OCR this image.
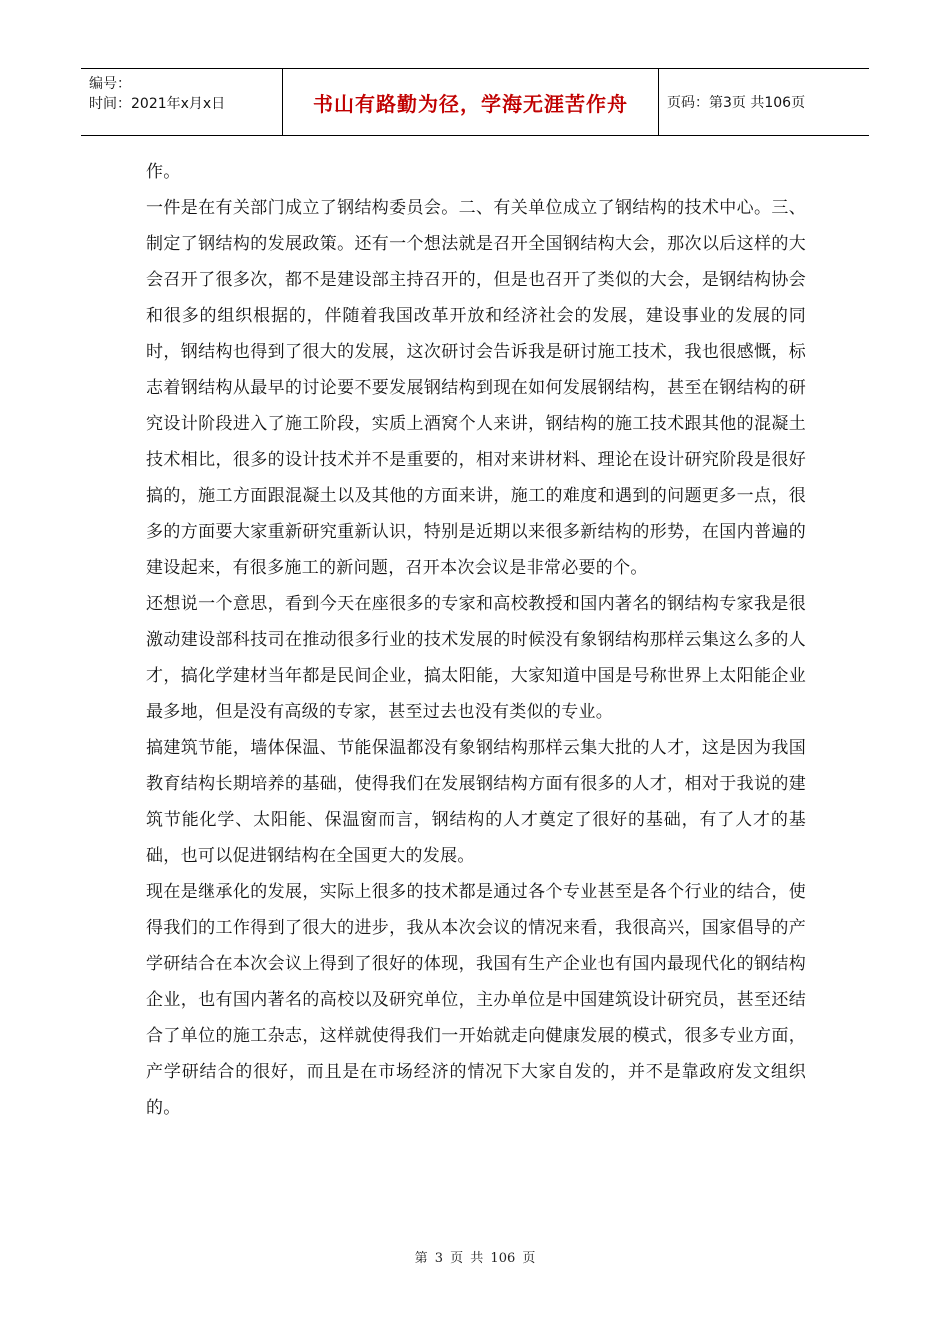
编号：
时间：2021年x月x日	书山有路勤为径，学海无涯苦作舟	页码：第3页 共106页

作。

一件是在有关部门成立了钢结构委员会。二、有关单位成立了钢结构的技术中心。三、制定了钢结构的发展政策。还有一个想法就是召开全国钢结构大会，那次以后这样的大会召开了很多次，都不是建设部主持召开的，但是也召开了类似的大会，是钢结构协会和很多的组织根据的，伴随着我国改革开放和经济社会的发展，建设事业的发展的同时，钢结构也得到了很大的发展，这次研讨会告诉我是研讨施工技术，我也很感慨，标志着钢结构从最早的讨论要不要发展钢结构到现在如何发展钢结构，甚至在钢结构的研究设计阶段进入了施工阶段，实质上酒窝个人来讲，钢结构的施工技术跟其他的混凝土技术相比，很多的设计技术并不是重要的，相对来讲材料、理论在设计研究阶段是很好搞的，施工方面跟混凝土以及其他的方面来讲，施工的难度和遇到的问题更多一点，很多的方面要大家重新研究重新认识，特别是近期以来很多新结构的形势，在国内普遍的建设起来，有很多施工的新问题，召开本次会议是非常必要的个。

还想说一个意思，看到今天在座很多的专家和高校教授和国内著名的钢结构专家我是很激动建设部科技司在推动很多行业的技术发展的时候没有象钢结构那样云集这么多的人才，搞化学建材当年都是民间企业，搞太阳能，大家知道中国是号称世界上太阳能企业最多地，但是没有高级的专家，甚至过去也没有类似的专业。

搞建筑节能，墙体保温、节能保温都没有象钢结构那样云集大批的人才，这是因为我国教育结构长期培养的基础，使得我们在发展钢结构方面有很多的人才，相对于我说的建筑节能化学、太阳能、保温窗而言，钢结构的人才奠定了很好的基础，有了人才的基础，也可以促进钢结构在全国更大的发展。

现在是继承化的发展，实际上很多的技术都是通过各个专业甚至是各个行业的结合，使得我们的工作得到了很大的进步，我从本次会议的情况来看，我很高兴，国家倡导的产学研结合在本次会议上得到了很好的体现，我国有生产企业也有国内最现代化的钢结构企业，也有国内著名的高校以及研究单位，主办单位是中国建筑设计研究员，甚至还结合了单位的施工杂志，这样就使得我们一开始就走向健康发展的模式，很多专业方面，产学研结合的很好，而且是在市场经济的情况下大家自发的，并不是靠政府发文组织的。

第 3 页 共 106 页
